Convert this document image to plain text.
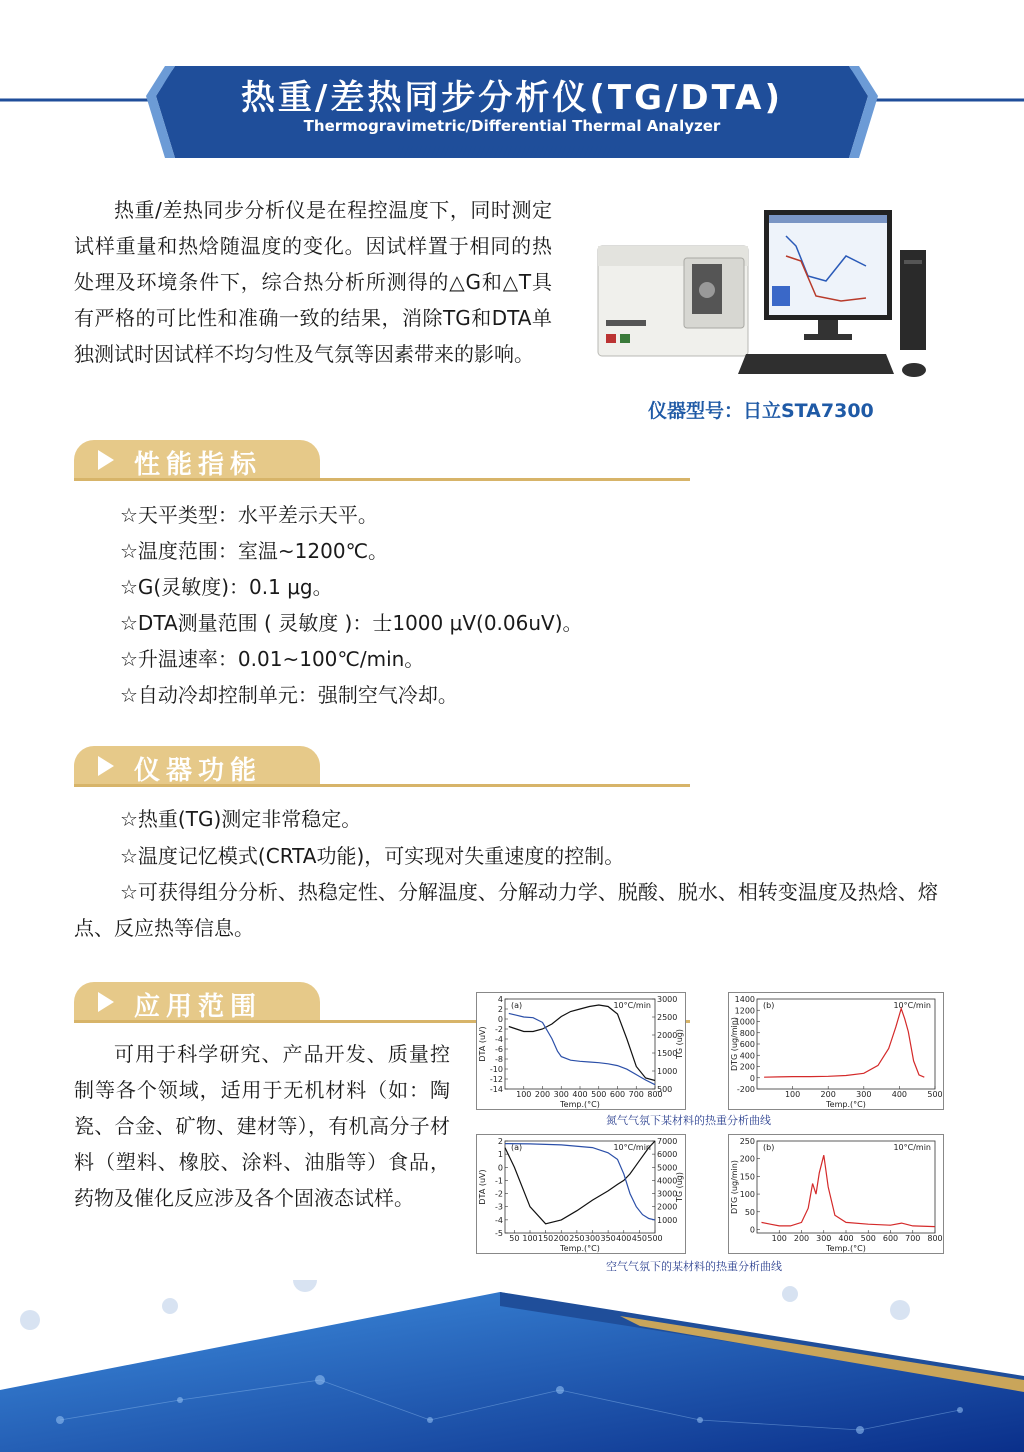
热重/差热同步分析仪(TG/DTA)
Thermogravimetric/Differential Thermal Analyzer
热重/差热同步分析仪是在程控温度下，同时测定试样重量和热焓随温度的变化。因试样置于相同的热处理及环境条件下，综合热分析所测得的△G和△T具有严格的可比性和准确一致的结果，消除TG和DTA单独测试时因试样不均匀性及气氛等因素带来的影响。
仪器型号：日立STA7300
性能指标
☆天平类型：水平差示天平。
☆温度范围：室温~1200℃。
☆G(灵敏度)：0.1 μg。
☆DTA测量范围 ( 灵敏度 )：士1000 μV(0.06uV)。
☆升温速率：0.01~100℃/min。
☆自动冷却控制单元：强制空气冷却。
仪器功能
☆热重(TG)测定非常稳定。
☆温度记忆模式(CRTA功能)，可实现对失重速度的控制。
☆可获得组分分析、热稳定性、分解温度、分解动力学、脱酸、脱水、相转变温度及热焓、熔点、反应热等信息。
应用范围
可用于科学研究、产品开发、质量控制等各个领域，适用于无机材料（如：陶瓷、合金、矿物、建材等），有机高分子材料（塑料、橡胶、涂料、油脂等）食品，药物及催化反应涉及各个固液态试样。
100 200 300 400 500 600 700 800
4
2
0
-2
-4
-6
-8
-10
-12
-14
3000
2500
2000
1500
1000
500
TG (ug)
Temp.(°C)
DTA (uV)
(a)	10°C/min
100	200	300	400	500
1400
1200
1000
800
600
400
200
0
-200
Temp.(°C)
DTG (ug/min)
(b)	10°C/min
氮气气氛下某材料的热重分析曲线
50 100 150 200 250 300 350 400 450 500
2
1
0
-1
-2
-3
-4
-5
7000
6000
5000
4000
3000
2000
1000
TG (ug)
Temp.(°C)
DTA (uV)
(a)	10°C/min
100 200 300 400 500 600 700 800
250
200
150
100
50
0
Temp.(°C)
DTG (ug/min)
(b)	10°C/min
空气气氛下的某材料的热重分析曲线
